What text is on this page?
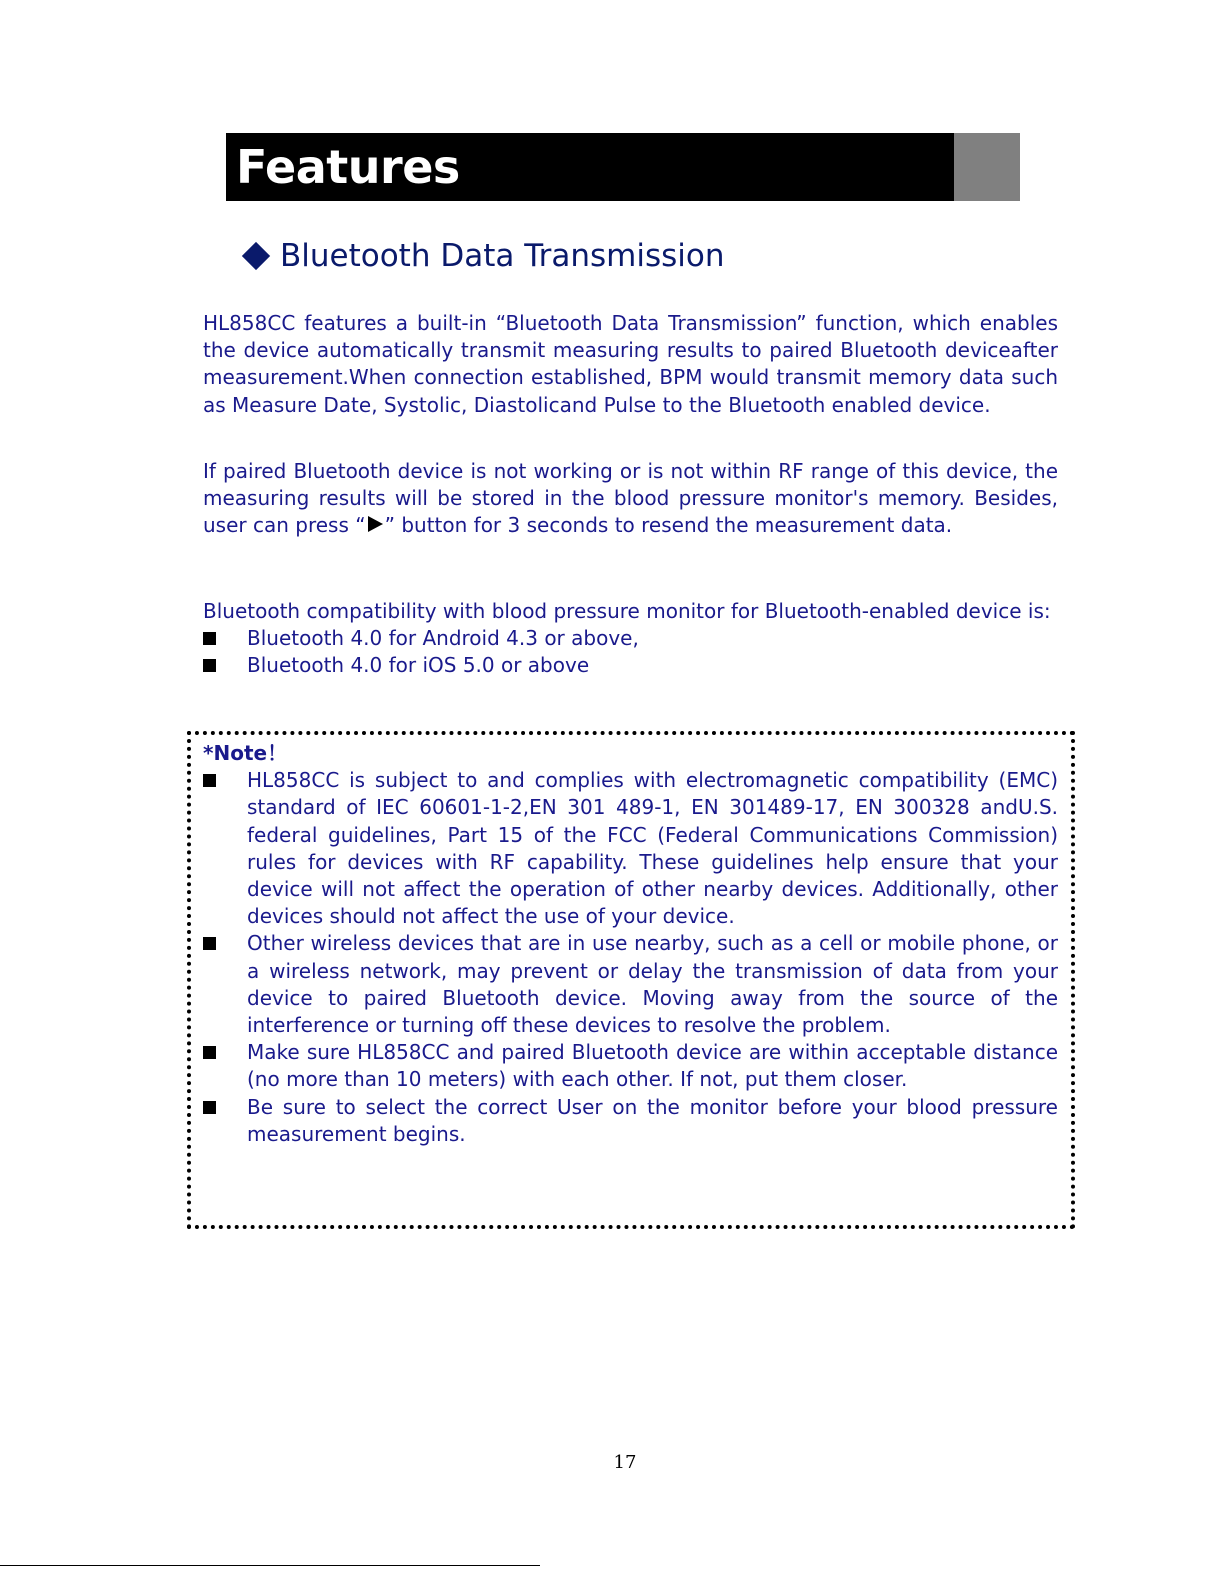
Features
Bluetooth Data Transmission

HL858CC features a built-in “Bluetooth Data Transmission” function, which enables the device automatically transmit measuring results to paired Bluetooth deviceafter measurement.When connection established, BPM would transmit memory data such as Measure Date, Systolic, Diastolicand Pulse to the Bluetooth enabled device.

If paired Bluetooth device is not working or is not within RF range of this device, the measuring results will be stored in the blood pressure monitor's memory. Besides, user can press “ ” button for 3 seconds to resend the measurement data.

Bluetooth compatibility with blood pressure monitor for Bluetooth-enabled device is:

Bluetooth 4.0 for Android 4.3 or above,
Bluetooth 4.0 for iOS 5.0 or above

*Note！

HL858CC is subject to and complies with electromagnetic compatibility (EMC) standard of IEC 60601-1-2,EN 301 489-1, EN 301489-17, EN 300328 andU.S. federal guidelines, Part 15 of the FCC (Federal Communications Commission) rules for devices with RF capability. These guidelines help ensure that your device will not affect the operation of other nearby devices. Additionally, other devices should not affect the use of your device.
Other wireless devices that are in use nearby, such as a cell or mobile phone, or a wireless network, may prevent or delay the transmission of data from your device to paired Bluetooth device. Moving away from the source of the interference or turning off these devices to resolve the problem.
Make sure HL858CC and paired Bluetooth device are within acceptable distance (no more than 10 meters) with each other. If not, put them closer.
Be sure to select the correct User on the monitor before your blood pressure measurement begins.
17
